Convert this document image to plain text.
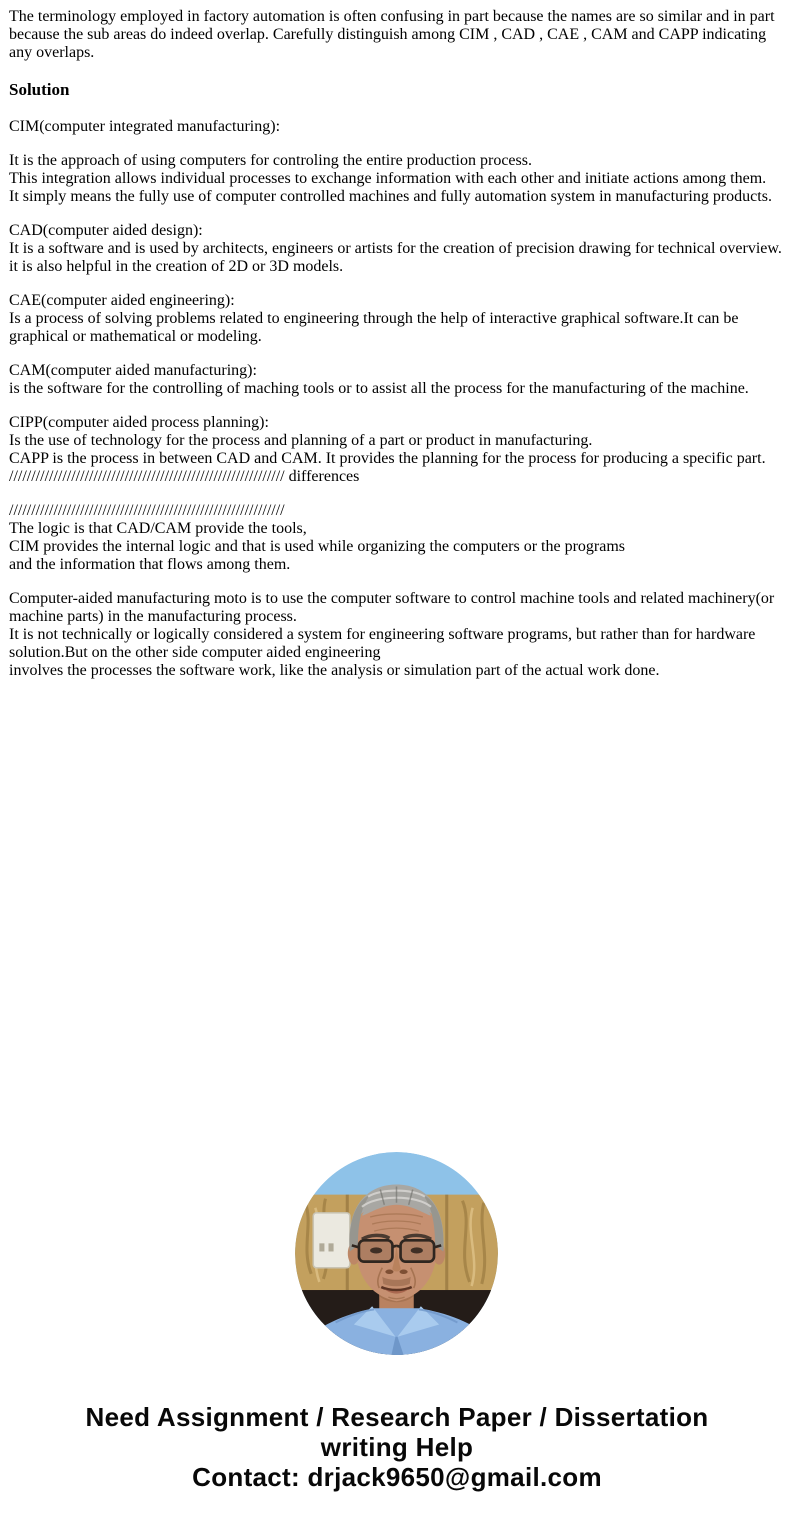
The terminology employed in factory automation is often confusing in part because the names are so similar and in part because the sub areas do indeed overlap. Carefully distinguish among CIM , CAD , CAE , CAM and CAPP indicating any overlaps.

Solution

CIM(computer integrated manufacturing):

It is the approach of using computers for controling the entire production process.
This integration allows individual processes to exchange information with each other and initiate actions among them.
It simply means the fully use of computer controlled machines and fully automation system in manufacturing products.

CAD(computer aided design):
It is a software and is used by architects, engineers or artists for the creation of precision drawing for technical overview.
it is also helpful in the creation of 2D or 3D models.

CAE(computer aided engineering):
Is a process of solving problems related to engineering through the help of interactive graphical software.It can be graphical or mathematical or modeling.

CAM(computer aided manufacturing):
is the software for the controlling of maching tools or to assist all the process for the manufacturing of the machine.

CIPP(computer aided process planning):
Is the use of technology for the process and planning of a part or product in manufacturing.
CAPP is the process in between CAD and CAM. It provides the planning for the process for producing a specific part.
////////////////////////////////////////////////////////////// differences

//////////////////////////////////////////////////////////////
The logic is that CAD/CAM provide the tools,
CIM provides the internal logic and that is used while organizing the computers or the programs
and the information that flows among them.

Computer-aided manufacturing moto is to use the computer software to control machine tools and related machinery(or machine parts) in the manufacturing process.
It is not technically or logically considered a system for engineering software programs, but rather than for hardware solution.But on the other side computer aided engineering
involves the processes the software work, like the analysis or simulation part of the actual work done.

Need Assignment / Research Paper / Dissertation
writing Help
Contact: drjack9650@gmail.com
